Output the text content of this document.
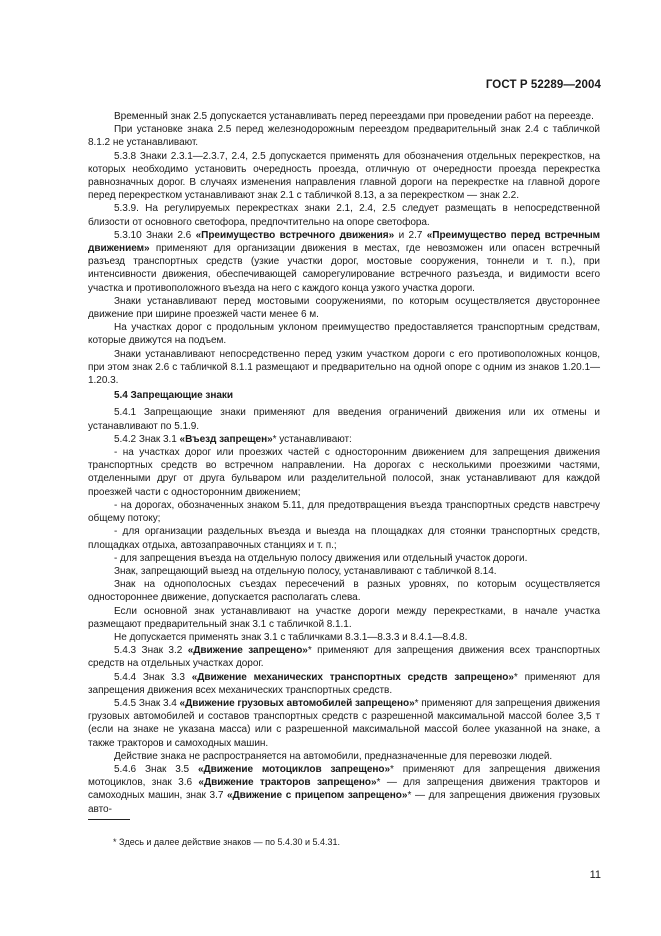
ГОСТ Р 52289—2004

Временный знак 2.5 допускается устанавливать перед переездами при проведении работ на переезде.

При установке знака 2.5 перед железнодорожным переездом предварительный знак 2.4 с табличкой 8.1.2 не устанавливают.

5.3.8 Знаки 2.3.1—2.3.7, 2.4, 2.5 допускается применять для обозначения отдельных перекрестков, на которых необходимо установить очередность проезда, отличную от очередности проезда перекрестка равнозначных дорог. В случаях изменения направления главной дороги на перекрестке на главной дороге перед перекрестком устанавливают знак 2.1 с табличкой 8.13, а за перекрестком — знак 2.2.

5.3.9. На регулируемых перекрестках знаки 2.1, 2.4, 2.5 следует размещать в непосредственной близости от основного светофора, предпочтительно на опоре светофора.

5.3.10 Знаки 2.6 «Преимущество встречного движения» и 2.7 «Преимущество перед встречным движением» применяют для организации движения в местах, где невозможен или опасен встречный разъезд транспортных средств (узкие участки дорог, мостовые сооружения, тоннели и т. п.), при интенсивности движения, обеспечивающей саморегулирование встречного разъезда, и видимости всего участка и противоположного въезда на него с каждого конца узкого участка дороги.

Знаки устанавливают перед мостовыми сооружениями, по которым осуществляется двустороннее движение при ширине проезжей части менее 6 м.

На участках дорог с продольным уклоном преимущество предоставляется транспортным средствам, которые движутся на подъем.

Знаки устанавливают непосредственно перед узким участком дороги с его противоположных концов, при этом знак 2.6 с табличкой 8.1.1 размещают и предварительно на одной опоре с одним из знаков 1.20.1—1.20.3.

5.4 Запрещающие знаки

5.4.1 Запрещающие знаки применяют для введения ограничений движения или их отмены и устанавливают по 5.1.9.

5.4.2 Знак 3.1 «Въезд запрещен»* устанавливают:

- на участках дорог или проезжих частей с односторонним движением для запрещения движения транспортных средств во встречном направлении. На дорогах с несколькими проезжими частями, отделенными друг от друга бульваром или разделительной полосой, знак устанавливают для каждой проезжей части с односторонним движением;

- на дорогах, обозначенных знаком 5.11, для предотвращения въезда транспортных средств навстречу общему потоку;

- для организации раздельных въезда и выезда на площадках для стоянки транспортных средств, площадках отдыха, автозаправочных станциях и т. п.;

- для запрещения въезда на отдельную полосу движения или отдельный участок дороги.

Знак, запрещающий выезд на отдельную полосу, устанавливают с табличкой 8.14.

Знак на однополосных съездах пересечений в разных уровнях, по которым осуществляется одностороннее движение, допускается располагать слева.

Если основной знак устанавливают на участке дороги между перекрестками, в начале участка размещают предварительный знак 3.1 с табличкой 8.1.1.

Не допускается применять знак 3.1 с табличками 8.3.1—8.3.3 и 8.4.1—8.4.8.

5.4.3 Знак 3.2 «Движение запрещено»* применяют для запрещения движения всех транспортных средств на отдельных участках дорог.

5.4.4 Знак 3.3 «Движение механических транспортных средств запрещено»* применяют для запрещения движения всех механических транспортных средств.

5.4.5 Знак 3.4 «Движение грузовых автомобилей запрещено»* применяют для запрещения движения грузовых автомобилей и составов транспортных средств с разрешенной максимальной массой более 3,5 т (если на знаке не указана масса) или с разрешенной максимальной массой более указанной на знаке, а также тракторов и самоходных машин.

Действие знака не распространяется на автомобили, предназначенные для перевозки людей.

5.4.6 Знак 3.5 «Движение мотоциклов запрещено»* применяют для запрещения движения мотоциклов, знак 3.6 «Движение тракторов запрещено»* — для запрещения движения тракторов и самоходных машин, знак 3.7 «Движение с прицепом запрещено»* — для запрещения движения грузовых авто-

* Здесь и далее действие знаков — по 5.4.30 и 5.4.31.
11
